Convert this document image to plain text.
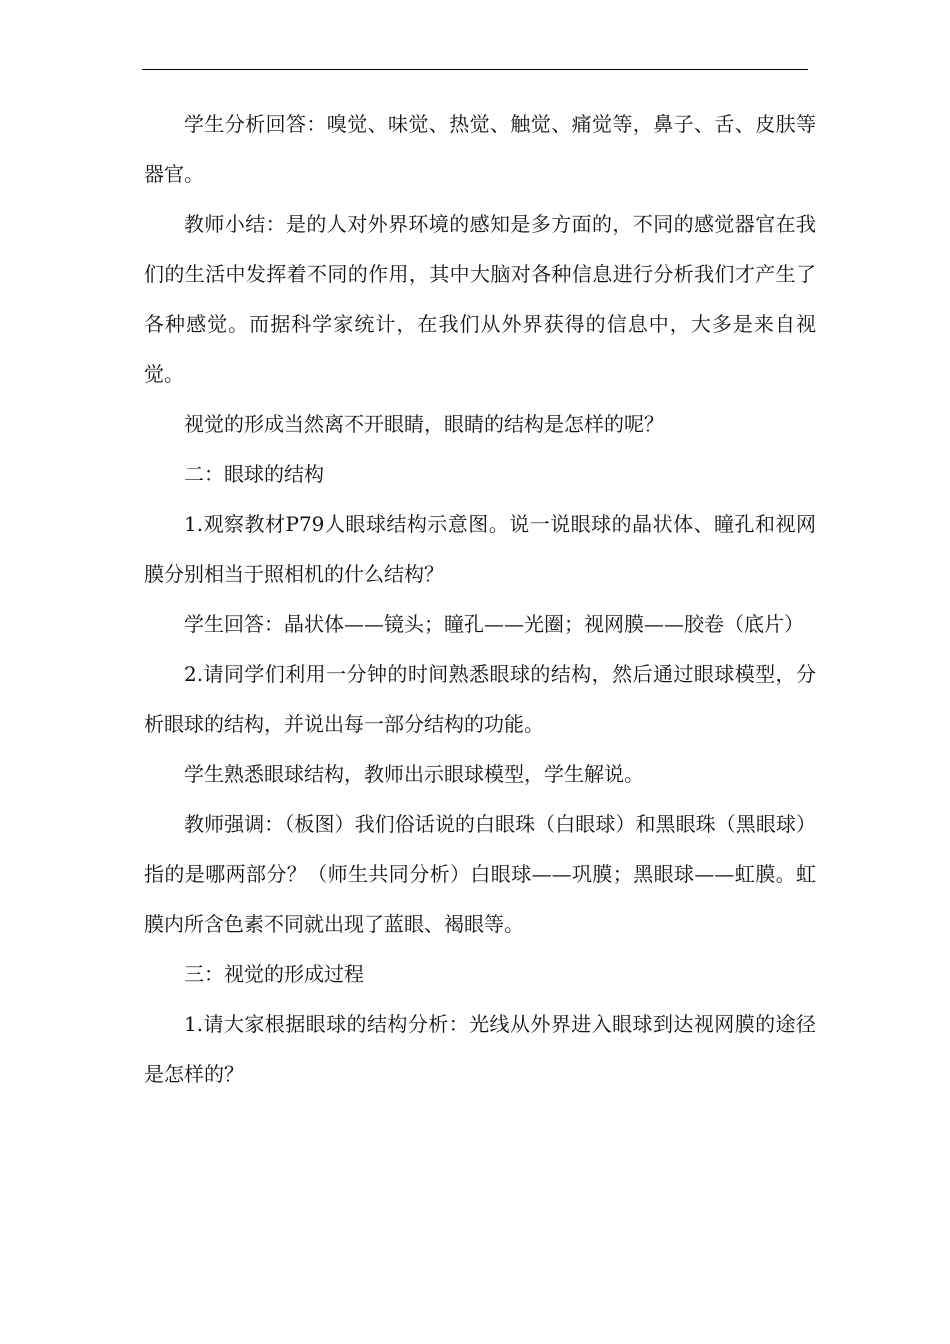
学生分析回答：嗅觉、味觉、热觉、触觉、痛觉等，鼻子、舌、皮肤等器官。

教师小结：是的人对外界环境的感知是多方面的，不同的感觉器官在我们的生活中发挥着不同的作用，其中大脑对各种信息进行分析我们才产生了各种感觉。而据科学家统计，在我们从外界获得的信息中，大多是来自视觉。

视觉的形成当然离不开眼睛，眼睛的结构是怎样的呢？

二：眼球的结构

1.观察教材P79人眼球结构示意图。说一说眼球的晶状体、瞳孔和视网膜分别相当于照相机的什么结构？

学生回答：晶状体——镜头；瞳孔——光圈；视网膜——胶卷（底片）

2.请同学们利用一分钟的时间熟悉眼球的结构，然后通过眼球模型，分析眼球的结构，并说出每一部分结构的功能。

学生熟悉眼球结构，教师出示眼球模型，学生解说。

教师强调：（板图）我们俗话说的白眼珠（白眼球）和黑眼珠（黑眼球）指的是哪两部分？（师生共同分析）白眼球——巩膜；黑眼球——虹膜。虹膜内所含色素不同就出现了蓝眼、褐眼等。

三：视觉的形成过程

1.请大家根据眼球的结构分析：光线从外界进入眼球到达视网膜的途径是怎样的？
